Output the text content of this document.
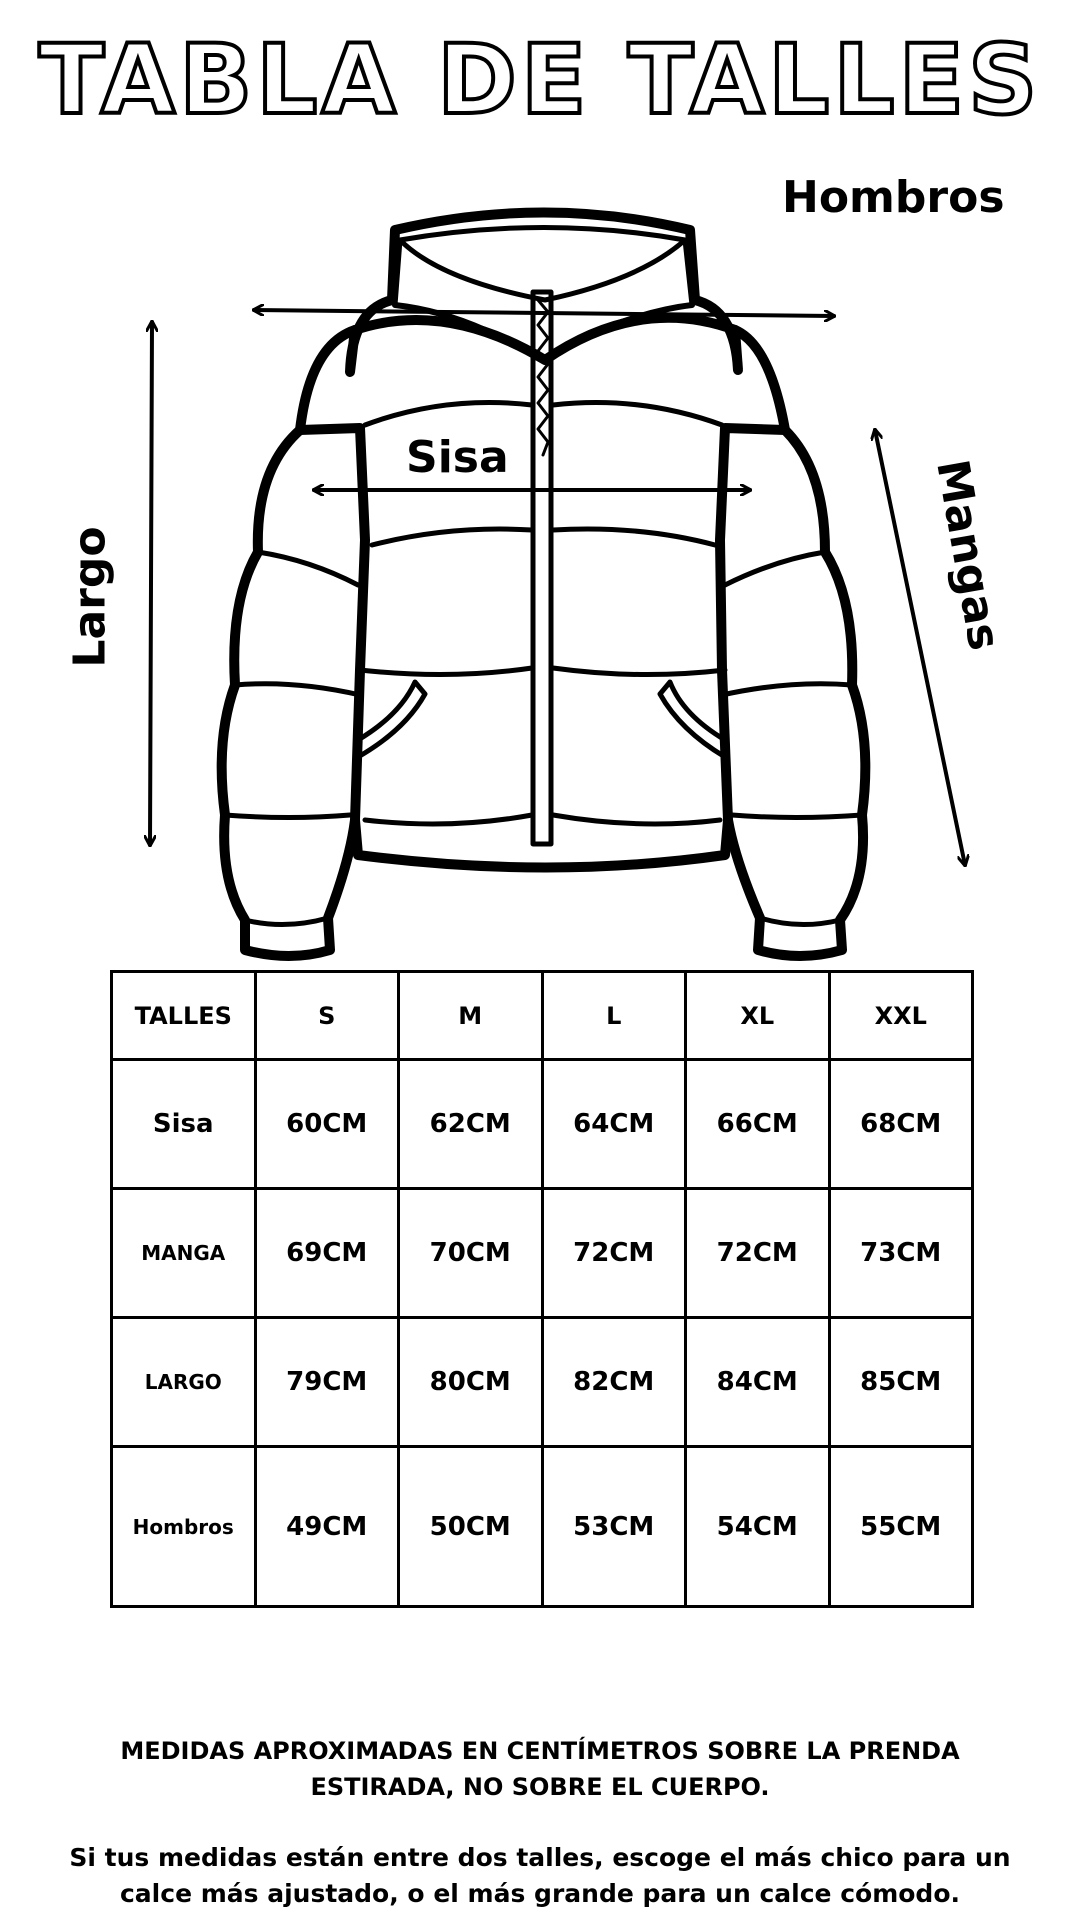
TABLA DE TALLES
Hombros
Sisa
Largo	Mangas
TALLES	S	M	L	XL	XXL
Sisa	60CM	62CM	64CM	66CM	68CM
MANGA	69CM	70CM	72CM	72CM	73CM
LARGO	79CM	80CM	82CM	84CM	85CM
Hombros	49CM	50CM	53CM	54CM	55CM
MEDIDAS APROXIMADAS EN CENTÍMETROS SOBRE LA PRENDA
ESTIRADA, NO SOBRE EL CUERPO.
Si tus medidas están entre dos talles, escoge el más chico para un
calce más ajustado, o el más grande para un calce cómodo.
